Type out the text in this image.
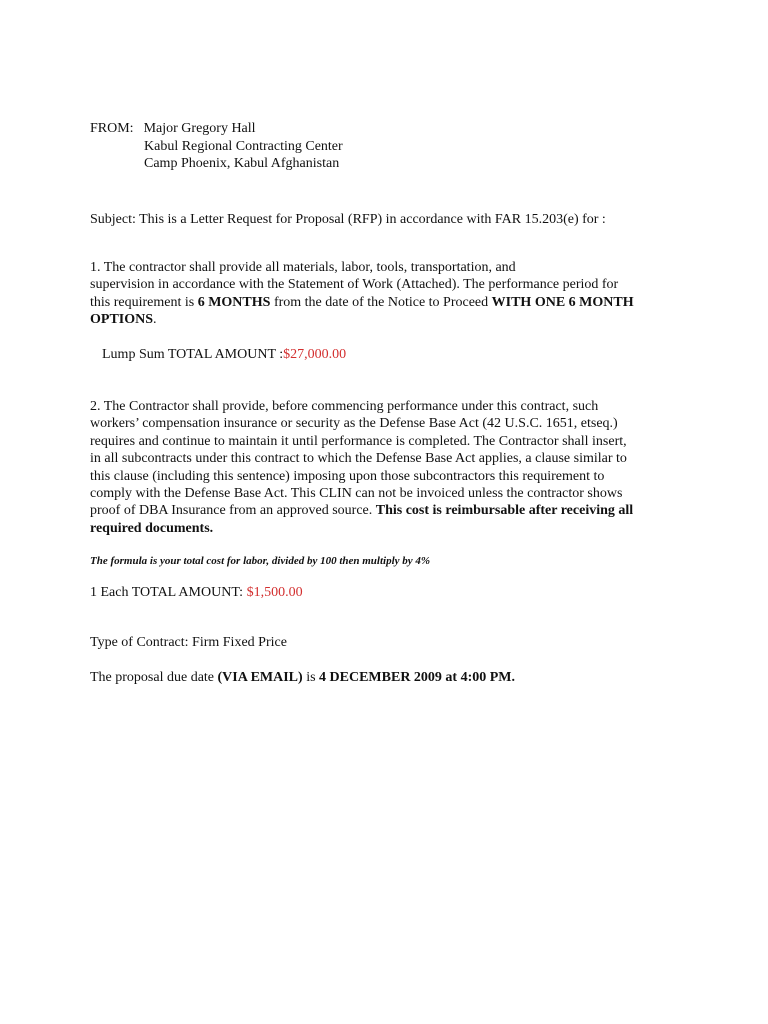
FROM: Major Gregory Hall
Kabul Regional Contracting Center
Camp Phoenix, Kabul Afghanistan
Subject: This is a Letter Request for Proposal (RFP) in accordance with FAR 15.203(e) for :
1. The contractor shall provide all materials, labor, tools, transportation, and
supervision in accordance with the Statement of Work (Attached). The performance period for
this requirement is 6 MONTHS from the date of the Notice to Proceed WITH ONE 6 MONTH
OPTIONS.
Lump Sum TOTAL AMOUNT :$27,000.00
2. The Contractor shall provide, before commencing performance under this contract, such
workers’ compensation insurance or security as the Defense Base Act (42 U.S.C. 1651, etseq.)
requires and continue to maintain it until performance is completed. The Contractor shall insert,
in all subcontracts under this contract to which the Defense Base Act applies, a clause similar to
this clause (including this sentence) imposing upon those subcontractors this requirement to
comply with the Defense Base Act. This CLIN can not be invoiced unless the contractor shows
proof of DBA Insurance from an approved source. This cost is reimbursable after receiving all
required documents.
The formula is your total cost for labor, divided by 100 then multiply by 4%
1 Each TOTAL AMOUNT: $1,500.00
Type of Contract: Firm Fixed Price
The proposal due date (VIA EMAIL) is 4 DECEMBER 2009 at 4:00 PM.
